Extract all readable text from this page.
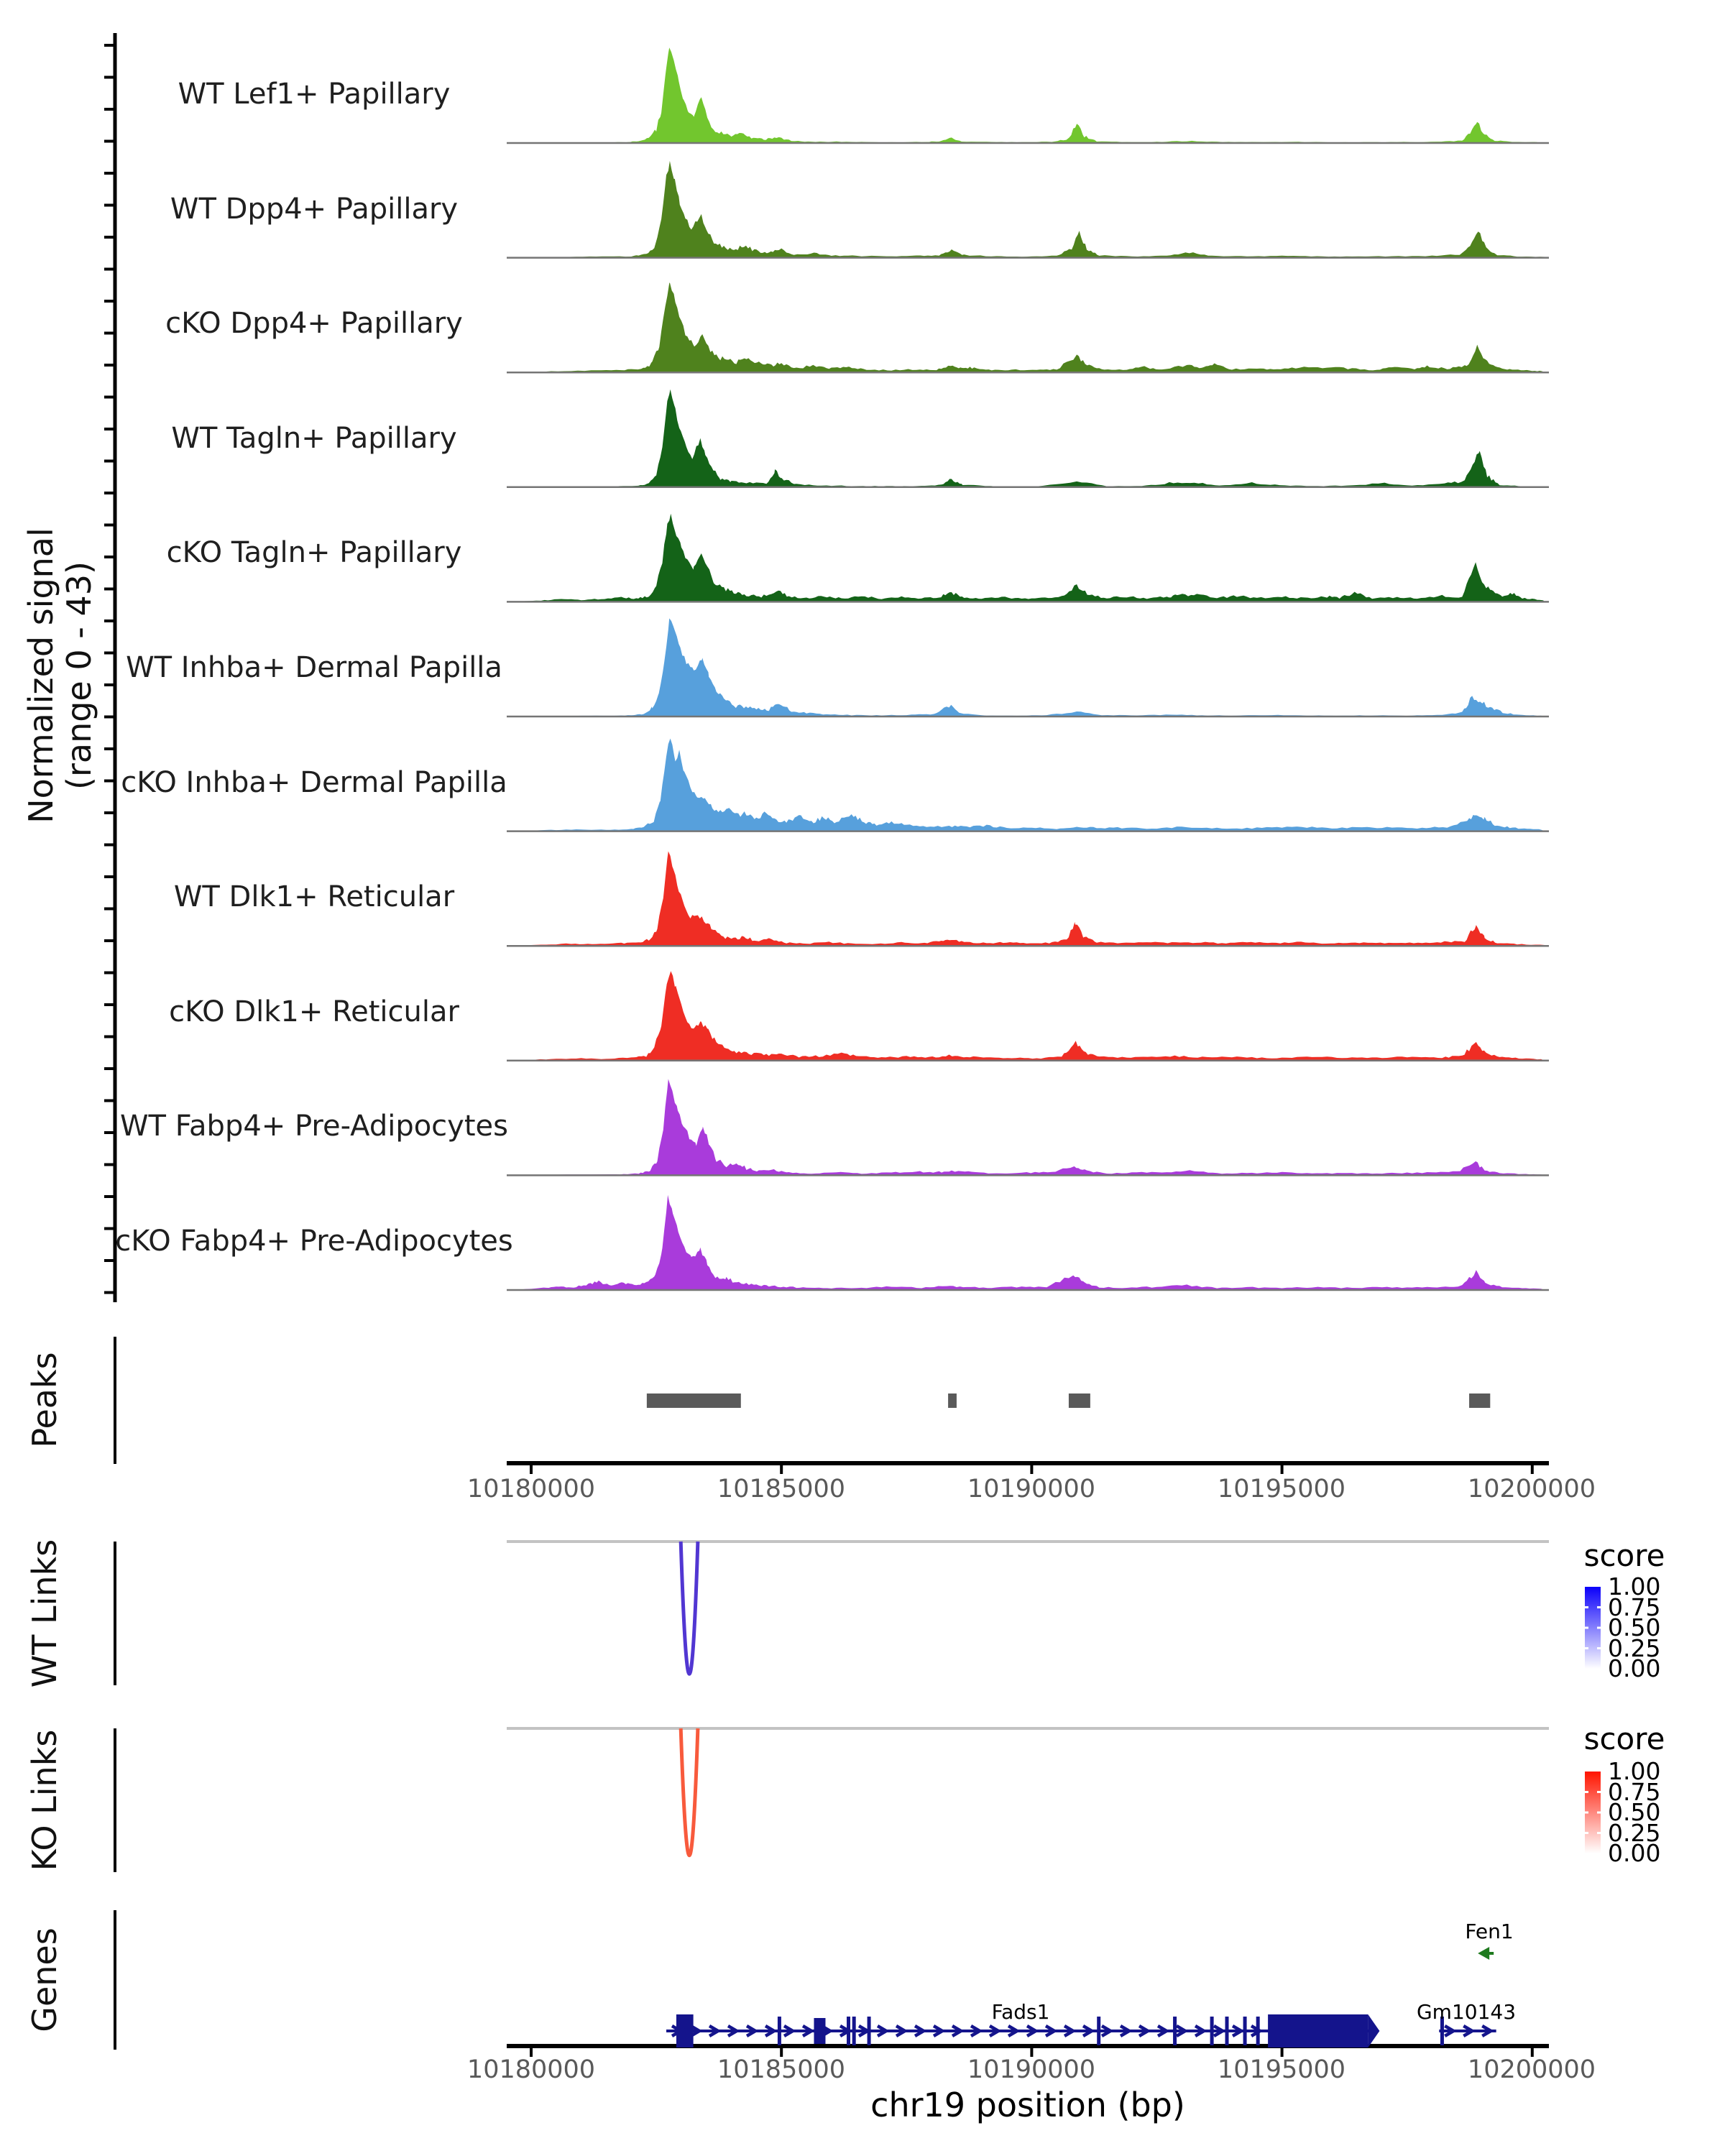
Normalized signal (range 0 - 43)
WT Lef1+ Papillary
WT Dpp4+ Papillary
cKO Dpp4+ Papillary
WT Tagln+ Papillary
cKO Tagln+ Papillary
WT Inhba+ Dermal Papilla
cKO Inhba+ Dermal Papilla
WT Dlk1+ Reticular
cKO Dlk1+ Reticular
WT Fabp4+ Pre-Adipocytes
cKO Fabp4+ Pre-Adipocytes
Peaks
WT Links
KO Links
Genes
10180000	10185000	10190000	10195000	10200000
10180000	10185000	10190000	10195000	10200000
chr19 position (bp)
score
1.00
0.75
0.50
0.25
0.00
score
1.00
0.75
0.50
0.25
0.00
Fads1	Gm10143
Fen1
